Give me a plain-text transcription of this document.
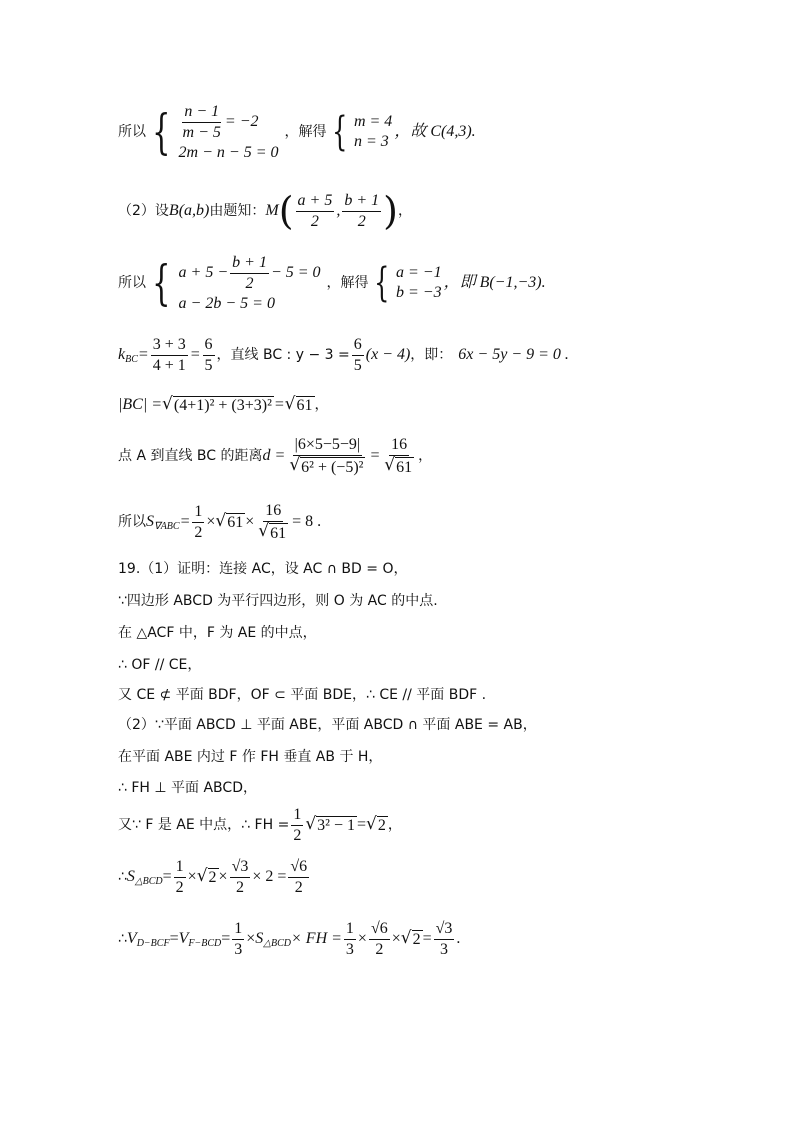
所以 { $\frac{n - 1}{m - 5} = -2$
2m − n − 5 = 0
，解得 { m = 4
n = 3
，故 C(4,3).
（2）设 B(a,b) 由题知： M ( $\frac{a + 5}{2}$ , $\frac{b + 1}{2}$ ) ，
所以 { $a + 5 - \frac{b + 1}{2} - 5 = 0$
a − 2b − 5 = 0
，解得 { a = −1
b = −3
，即 B(−1,−3).
k BC = $\frac{3 + 3}{4 + 1} = \frac{6}{5}$ ，直线 BC : $y - 3 = \frac{6}{5} (x - 4)$ ，即： 6x − 5y − 9 = 0 .
|BC| = √ (4+1)² + (3+3)² = √ 61 ，
点 A 到直线 BC 的距离 $d = \frac{|6\times 5-5-9|}{\text{√ 6² + (−5)²}} = \frac{16}{√ 61}$ ，
所以 S $\nabla ABC = \frac{1}{2}$ × √ $61 \times \frac{16}{√ 61} = 8$ .
19.（1）证明：连接 AC，设 AC ∩ BD = O，
∵四边形 ABCD 为平行四边形，则 O 为 AC 的中点.
在 △ACF 中，F 为 AE 的中点，
∴ OF // CE，
又 CE ⊄ 平面 BDF，OF ⊂ 平面 BDE，∴ CE // 平面 BDF .
（2）∵平面 ABCD ⊥ 平面 ABE，平面 ABCD ∩ 平面 ABE = AB，
在平面 ABE 内过 F 作 FH 垂直 AB 于 H，
∴ FH ⊥ 平面 ABCD，
又∵ F 是 AE 中点，∴ FH = $\frac{1}{2}$ √ 3² − 1 = √ 2 ，
∴ S △BCD = $\frac{1}{2}$ × √ $2 \times \frac{√3}{2} \times 2 = \frac{√6}{2}$
∴ V D−BCF = V $F-BCD = \frac{1}{3} \times S$ △BCD × FH = $\frac{1}{3} \times \frac{√6}{2}$ × √ $2 = \frac{√3}{3}$ .
